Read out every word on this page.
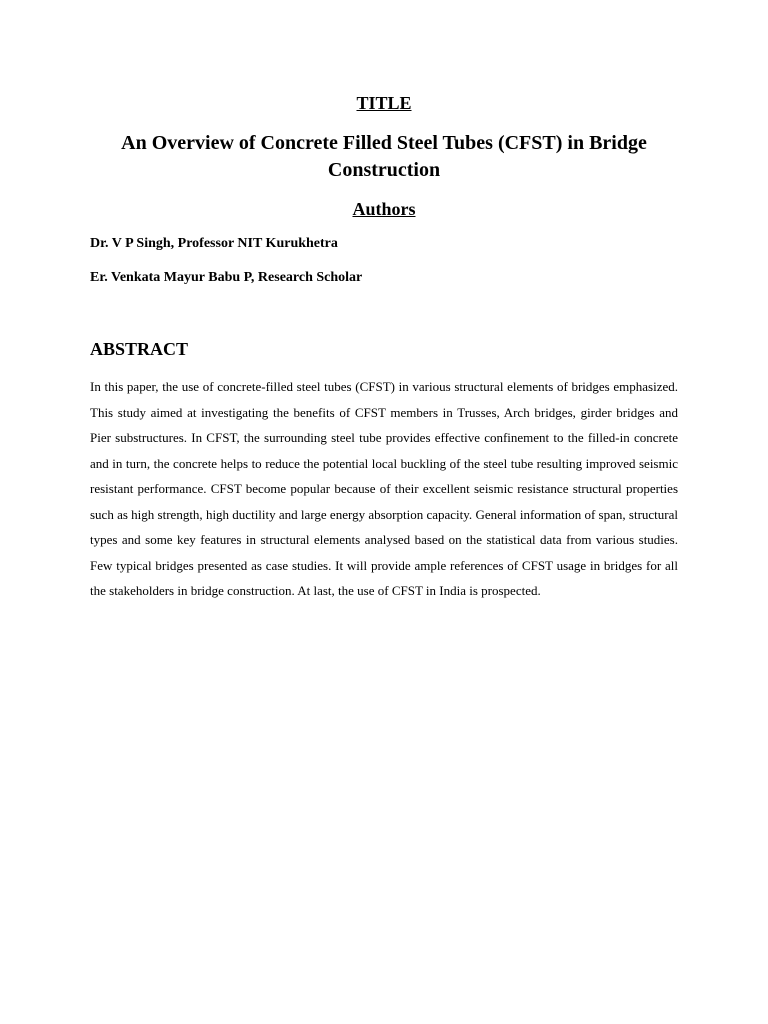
TITLE
An Overview of Concrete Filled Steel Tubes (CFST) in Bridge Construction
Authors

Dr. V P Singh, Professor NIT Kurukhetra

Er. Venkata Mayur Babu P, Research Scholar

ABSTRACT

In this paper, the use of concrete-filled steel tubes (CFST) in various structural elements of bridges emphasized. This study aimed at investigating the benefits of CFST members in Trusses, Arch bridges, girder bridges and Pier substructures. In CFST, the surrounding steel tube provides effective confinement to the filled-in concrete and in turn, the concrete helps to reduce the potential local buckling of the steel tube resulting improved seismic resistant performance. CFST become popular because of their excellent seismic resistance structural properties such as high strength, high ductility and large energy absorption capacity. General information of span, structural types and some key features in structural elements analysed based on the statistical data from various studies. Few typical bridges presented as case studies. It will provide ample references of CFST usage in bridges for all the stakeholders in bridge construction. At last, the use of CFST in India is prospected.
